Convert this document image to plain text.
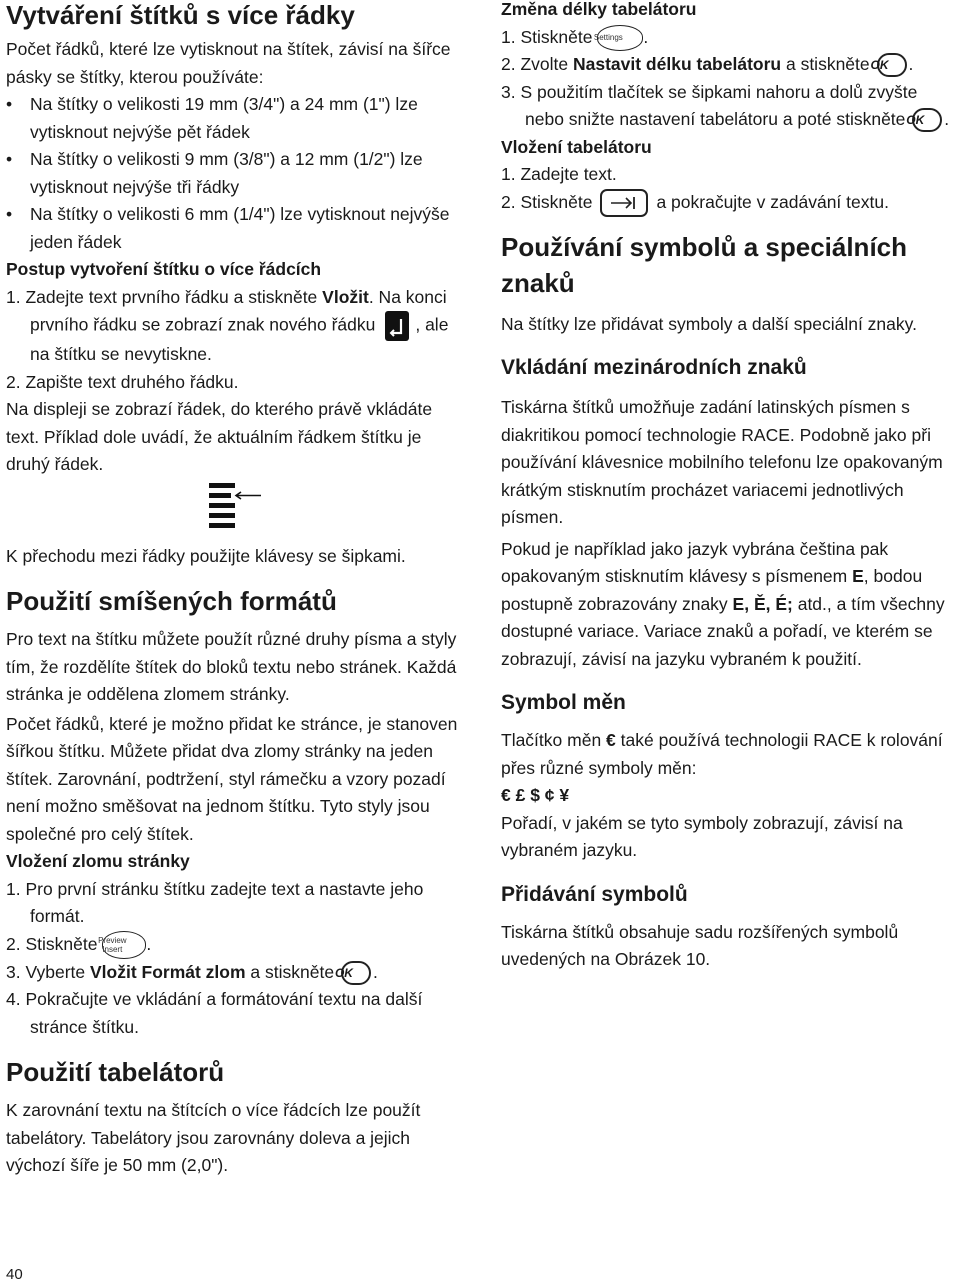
Vytváření štítků s více řádky

Počet řádků, které lze vytisknout na štítek, závisí na šířce pásky se štítky, kterou používáte:

• Na štítky o velikosti 19 mm (3/4") a 24 mm (1") lze vytisknout nejvýše pět řádek
• Na štítky o velikosti 9 mm (3/8") a 12 mm (1/2") lze vytisknout nejvýše tři řádky
• Na štítky o velikosti 6 mm (1/4") lze vytisknout nejvýše jeden řádek

Postup vytvoření štítku o více řádcích

1. Zadejte text prvního řádku a stiskněte Vložit. Na konci prvního řádku se zobrazí znak nového řádku , ale na štítku se nevytiskne.

2. Zapište text druhého řádku.

Na displeji se zobrazí řádek, do kterého právě vkládáte text. Příklad dole uvádí, že aktuálním řádkem štítku je druhý řádek.

K přechodu mezi řádky použijte klávesy se šipkami.

Použití smíšených formátů

Pro text na štítku můžete použít různé druhy písma a styly tím, že rozdělíte štítek do bloků textu nebo stránek. Každá stránka je oddělena zlomem stránky.

Počet řádků, které je možno přidat ke stránce, je stanoven šířkou štítku. Můžete přidat dva zlomy stránky na jeden štítek. Zarovnání, podtržení, styl rámečku a vzory pozadí není možno směšovat na jednom štítku. Tyto styly jsou společné pro celý štítek.

Vložení zlomu stránky

1. Pro první stránku štítku zadejte text a nastavte jeho formát.

2. Stiskněte Preview
Insert	.

3. Vyberte Vložit Formát zlom a stiskněte OK .

4. Pokračujte ve vkládání a formátování textu na další stránce štítku.

Použití tabelátorů

K zarovnání textu na štítcích o více řádcích lze použít tabelátory. Tabelátory jsou zarovnány doleva a jejich výchozí šíře je 50 mm (2,0").

Změna délky tabelátoru

1. Stiskněte Settings .

2. Zvolte Nastavit délku tabelátoru a stiskněte OK .

3. S použitím tlačítek se šipkami nahoru a dolů zvyšte nebo snižte nastavení tabelátoru a poté stiskněte OK .

Vložení tabelátoru

1. Zadejte text.

2. Stiskněte	a pokračujte v zadávání textu.

Používání symbolů a speciálních znaků

Na štítky lze přidávat symboly a další speciální znaky.

Vkládání mezinárodních znaků

Tiskárna štítků umožňuje zadání latinských písmen s diakritikou pomocí technologie RACE. Podobně jako při používání klávesnice mobilního telefonu lze opakovaným krátkým stisknutím procházet variacemi jednotlivých písmen.

Pokud je například jako jazyk vybrána čeština pak opakovaným stisknutím klávesy s písmenem E, bodou postupně zobrazovány znaky E, Ě, É; atd., a tím všechny dostupné variace. Variace znaků a pořadí, ve kterém se zobrazují, závisí na jazyku vybraném k použití.

Symbol měn

Tlačítko měn € také používá technologii RACE k rolování přes různé symboly měn:

€ £ $ ¢ ¥

Pořadí, v jakém se tyto symboly zobrazují, závisí na vybraném jazyku.

Přidávání symbolů

Tiskárna štítků obsahuje sadu rozšířených symbolů uvedených na Obrázek 10.

40
